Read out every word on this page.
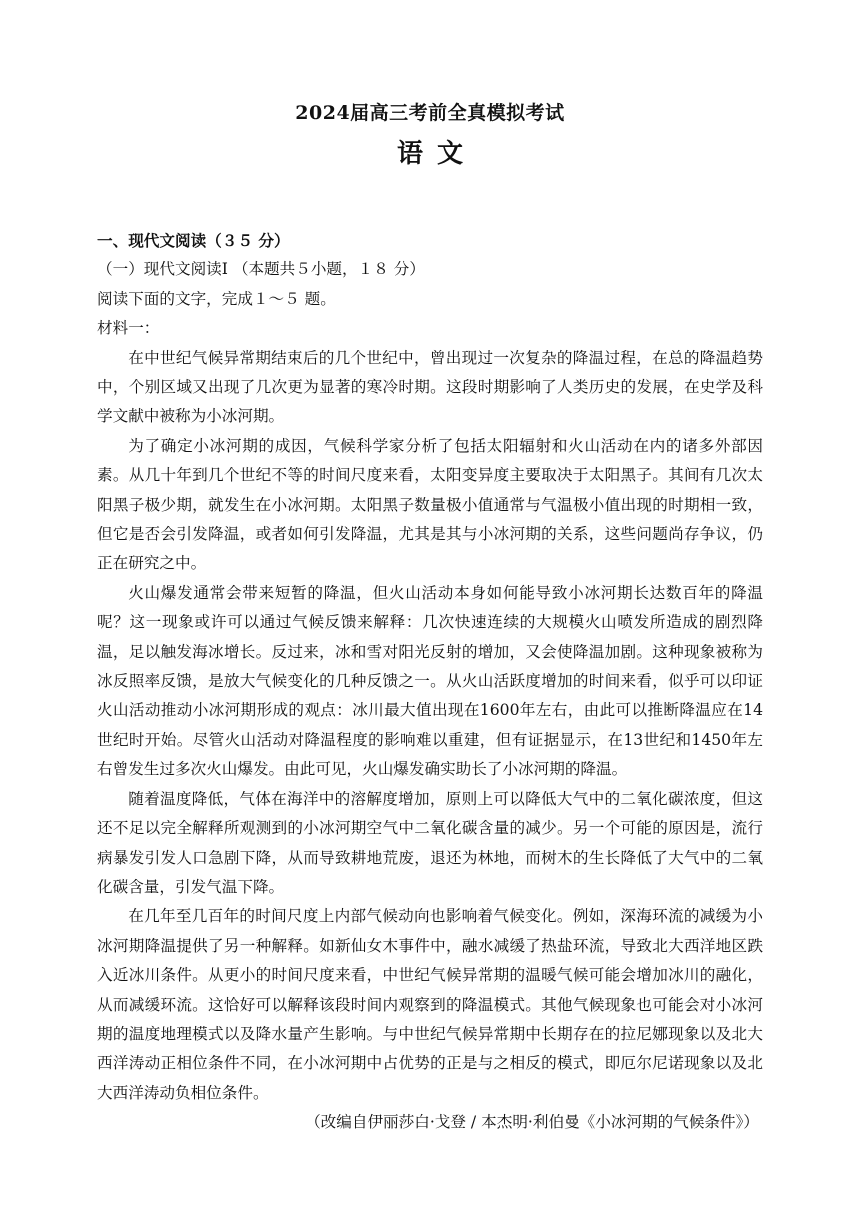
2024届高三考前全真模拟考试
语文

一、现代文阅读（３５ 分）

（一）现代文阅读Ⅰ （本题共５小题，１８ 分）

阅读下面的文字，完成１～５ 题。

材料一：

在中世纪气候异常期结束后的几个世纪中，曾出现过一次复杂的降温过程，在总的降温趋势中，个别区域又出现了几次更为显著的寒冷时期。这段时期影响了人类历史的发展，在史学及科学文献中被称为小冰河期。

为了确定小冰河期的成因，气候科学家分析了包括太阳辐射和火山活动在内的诸多外部因素。从几十年到几个世纪不等的时间尺度来看，太阳变异度主要取决于太阳黑子。其间有几次太阳黑子极少期，就发生在小冰河期。太阳黑子数量极小值通常与气温极小值出现的时期相一致，但它是否会引发降温，或者如何引发降温，尤其是其与小冰河期的关系，这些问题尚存争议，仍正在研究之中。

火山爆发通常会带来短暂的降温，但火山活动本身如何能导致小冰河期长达数百年的降温呢？这一现象或许可以通过气候反馈来解释：几次快速连续的大规模火山喷发所造成的剧烈降温，足以触发海冰增长。反过来，冰和雪对阳光反射的增加，又会使降温加剧。这种现象被称为冰反照率反馈，是放大气候变化的几种反馈之一。从火山活跃度增加的时间来看，似乎可以印证火山活动推动小冰河期形成的观点：冰川最大值出现在1600年左右，由此可以推断降温应在14世纪时开始。尽管火山活动对降温程度的影响难以重建，但有证据显示，在13世纪和1450年左右曾发生过多次火山爆发。由此可见，火山爆发确实助长了小冰河期的降温。

随着温度降低，气体在海洋中的溶解度增加，原则上可以降低大气中的二氧化碳浓度，但这还不足以完全解释所观测到的小冰河期空气中二氧化碳含量的减少。另一个可能的原因是，流行病暴发引发人口急剧下降，从而导致耕地荒废，退还为林地，而树木的生长降低了大气中的二氧化碳含量，引发气温下降。

在几年至几百年的时间尺度上内部气候动向也影响着气候变化。例如，深海环流的减缓为小冰河期降温提供了另一种解释。如新仙女木事件中，融水减缓了热盐环流，导致北大西洋地区跌入近冰川条件。从更小的时间尺度来看，中世纪气候异常期的温暖气候可能会增加冰川的融化，从而减缓环流。这恰好可以解释该段时间内观察到的降温模式。其他气候现象也可能会对小冰河期的温度地理模式以及降水量产生影响。与中世纪气候异常期中长期存在的拉尼娜现象以及北大西洋涛动正相位条件不同，在小冰河期中占优势的正是与之相反的模式，即厄尔尼诺现象以及北大西洋涛动负相位条件。

（改编自伊丽莎白·戈登 / 本杰明·利伯曼《小冰河期的气候条件》）
